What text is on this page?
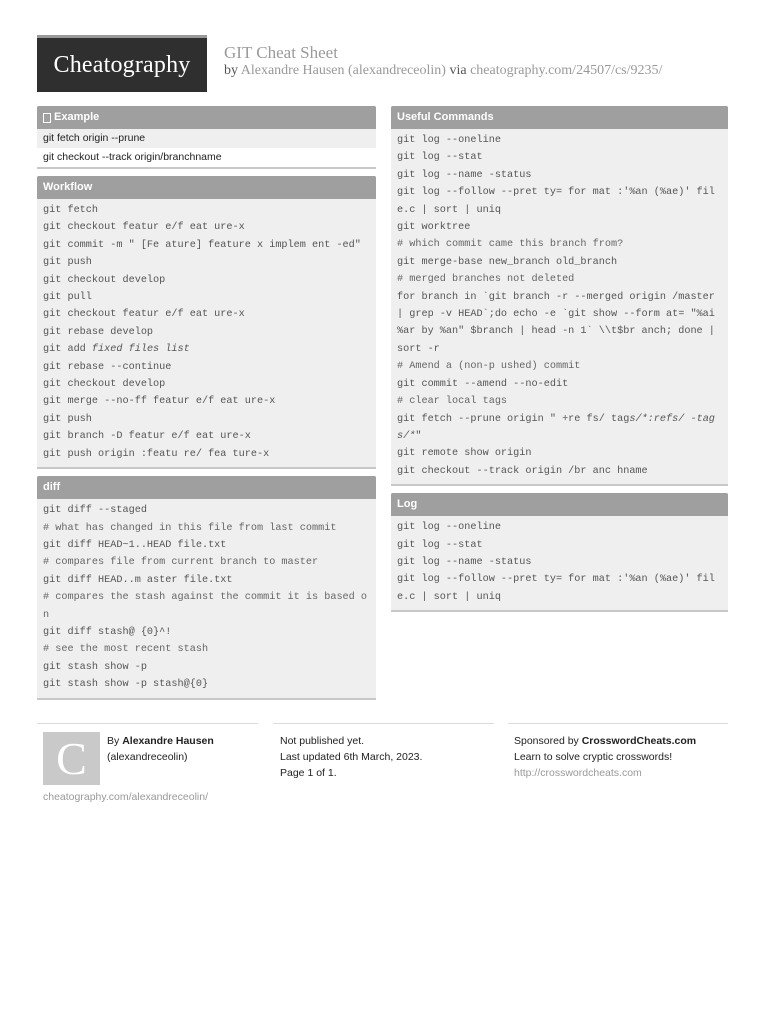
Cheatography GIT Cheat Sheet
by Alexandre Hausen (alexandreceolin) via cheatography.com/24507/cs/9235/
Example
git fetch origin --prune
git checkout --track origin/branchname
Workflow
git fetch
git checkout featur e/f eat ure-x
git commit -m " [Fe ature] feature x implem ent -ed"
git push
git checkout develop
git pull
git checkout featur e/f eat ure-x
git rebase develop
git add fixed files list
git rebase --continue
git checkout develop
git merge --no-ff featur e/f eat ure-x
git push
git branch -D featur e/f eat ure-x
git push origin :featu re/ fea ture-x
diff
git diff --staged
# what has changed in this file from last commit
git diff HEAD~1..HEAD file.txt
# compares file from current branch to master
git diff HEAD..m aster file.txt
# compares the stash against the commit it is based on
git diff stash@ {0}^!
# see the most recent stash
git stash show -p
git stash show -p stash@{0}
Useful Commands
git log --oneline
git log --stat
git log --name -status
git log --follow --pret ty= for mat :'%an (%ae)' file.c | sort | uniq
git worktree
# which commit came this branch from?
git merge-base new_branch old_branch
# merged branches not deleted
for branch in `git branch -r --merged origin /master | grep -v HEAD`;do echo -e `git show --form at= "%ai %ar by %an" $branch | head -n 1` \\t$br anch; done | sort -r
# Amend a (non-p ushed) commit
git commit --amend --no-edit
# clear local tags
git fetch --prune origin " +re fs/ tags/*:refs/ -tags/*"
git remote show origin
git checkout --track origin /br anc hname
Log
git log --oneline
git log --stat
git log --name -status
git log --follow --pret ty= for mat :'%an (%ae)' file.c | sort | uniq
C By Alexandre Hausen
(alexandreceolin)
cheatography.com/alexandreceolin/
Not published yet.
Last updated 6th March, 2023.
Page 1 of 1.
Sponsored by CrosswordCheats.com
Learn to solve cryptic crosswords!
http://crosswordcheats.com
